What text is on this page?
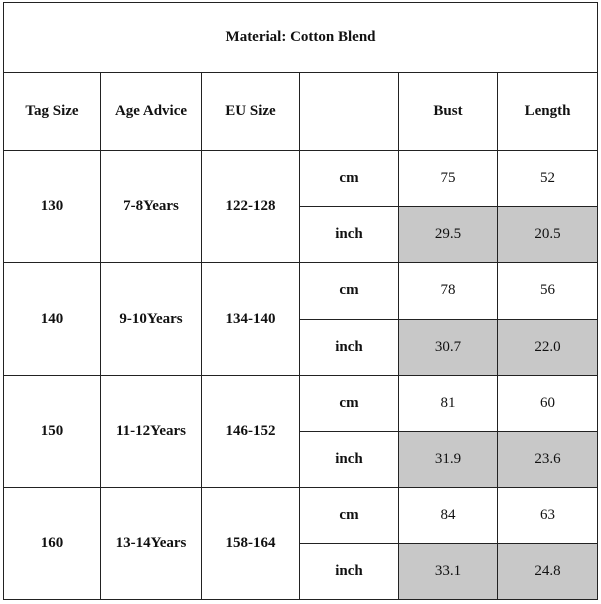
Material: Cotton Blend					
Tag Size	Age Advice	EU Size		Bust	Length
130	7-8Years	122-128	cm	75	52
			inch	29.5	20.5
140	9-10Years	134-140	cm	78	56
			inch	30.7	22.0
150	11-12Years	146-152	cm	81	60
			inch	31.9	23.6
160	13-14Years	158-164	cm	84	63
			inch	33.1	24.8
